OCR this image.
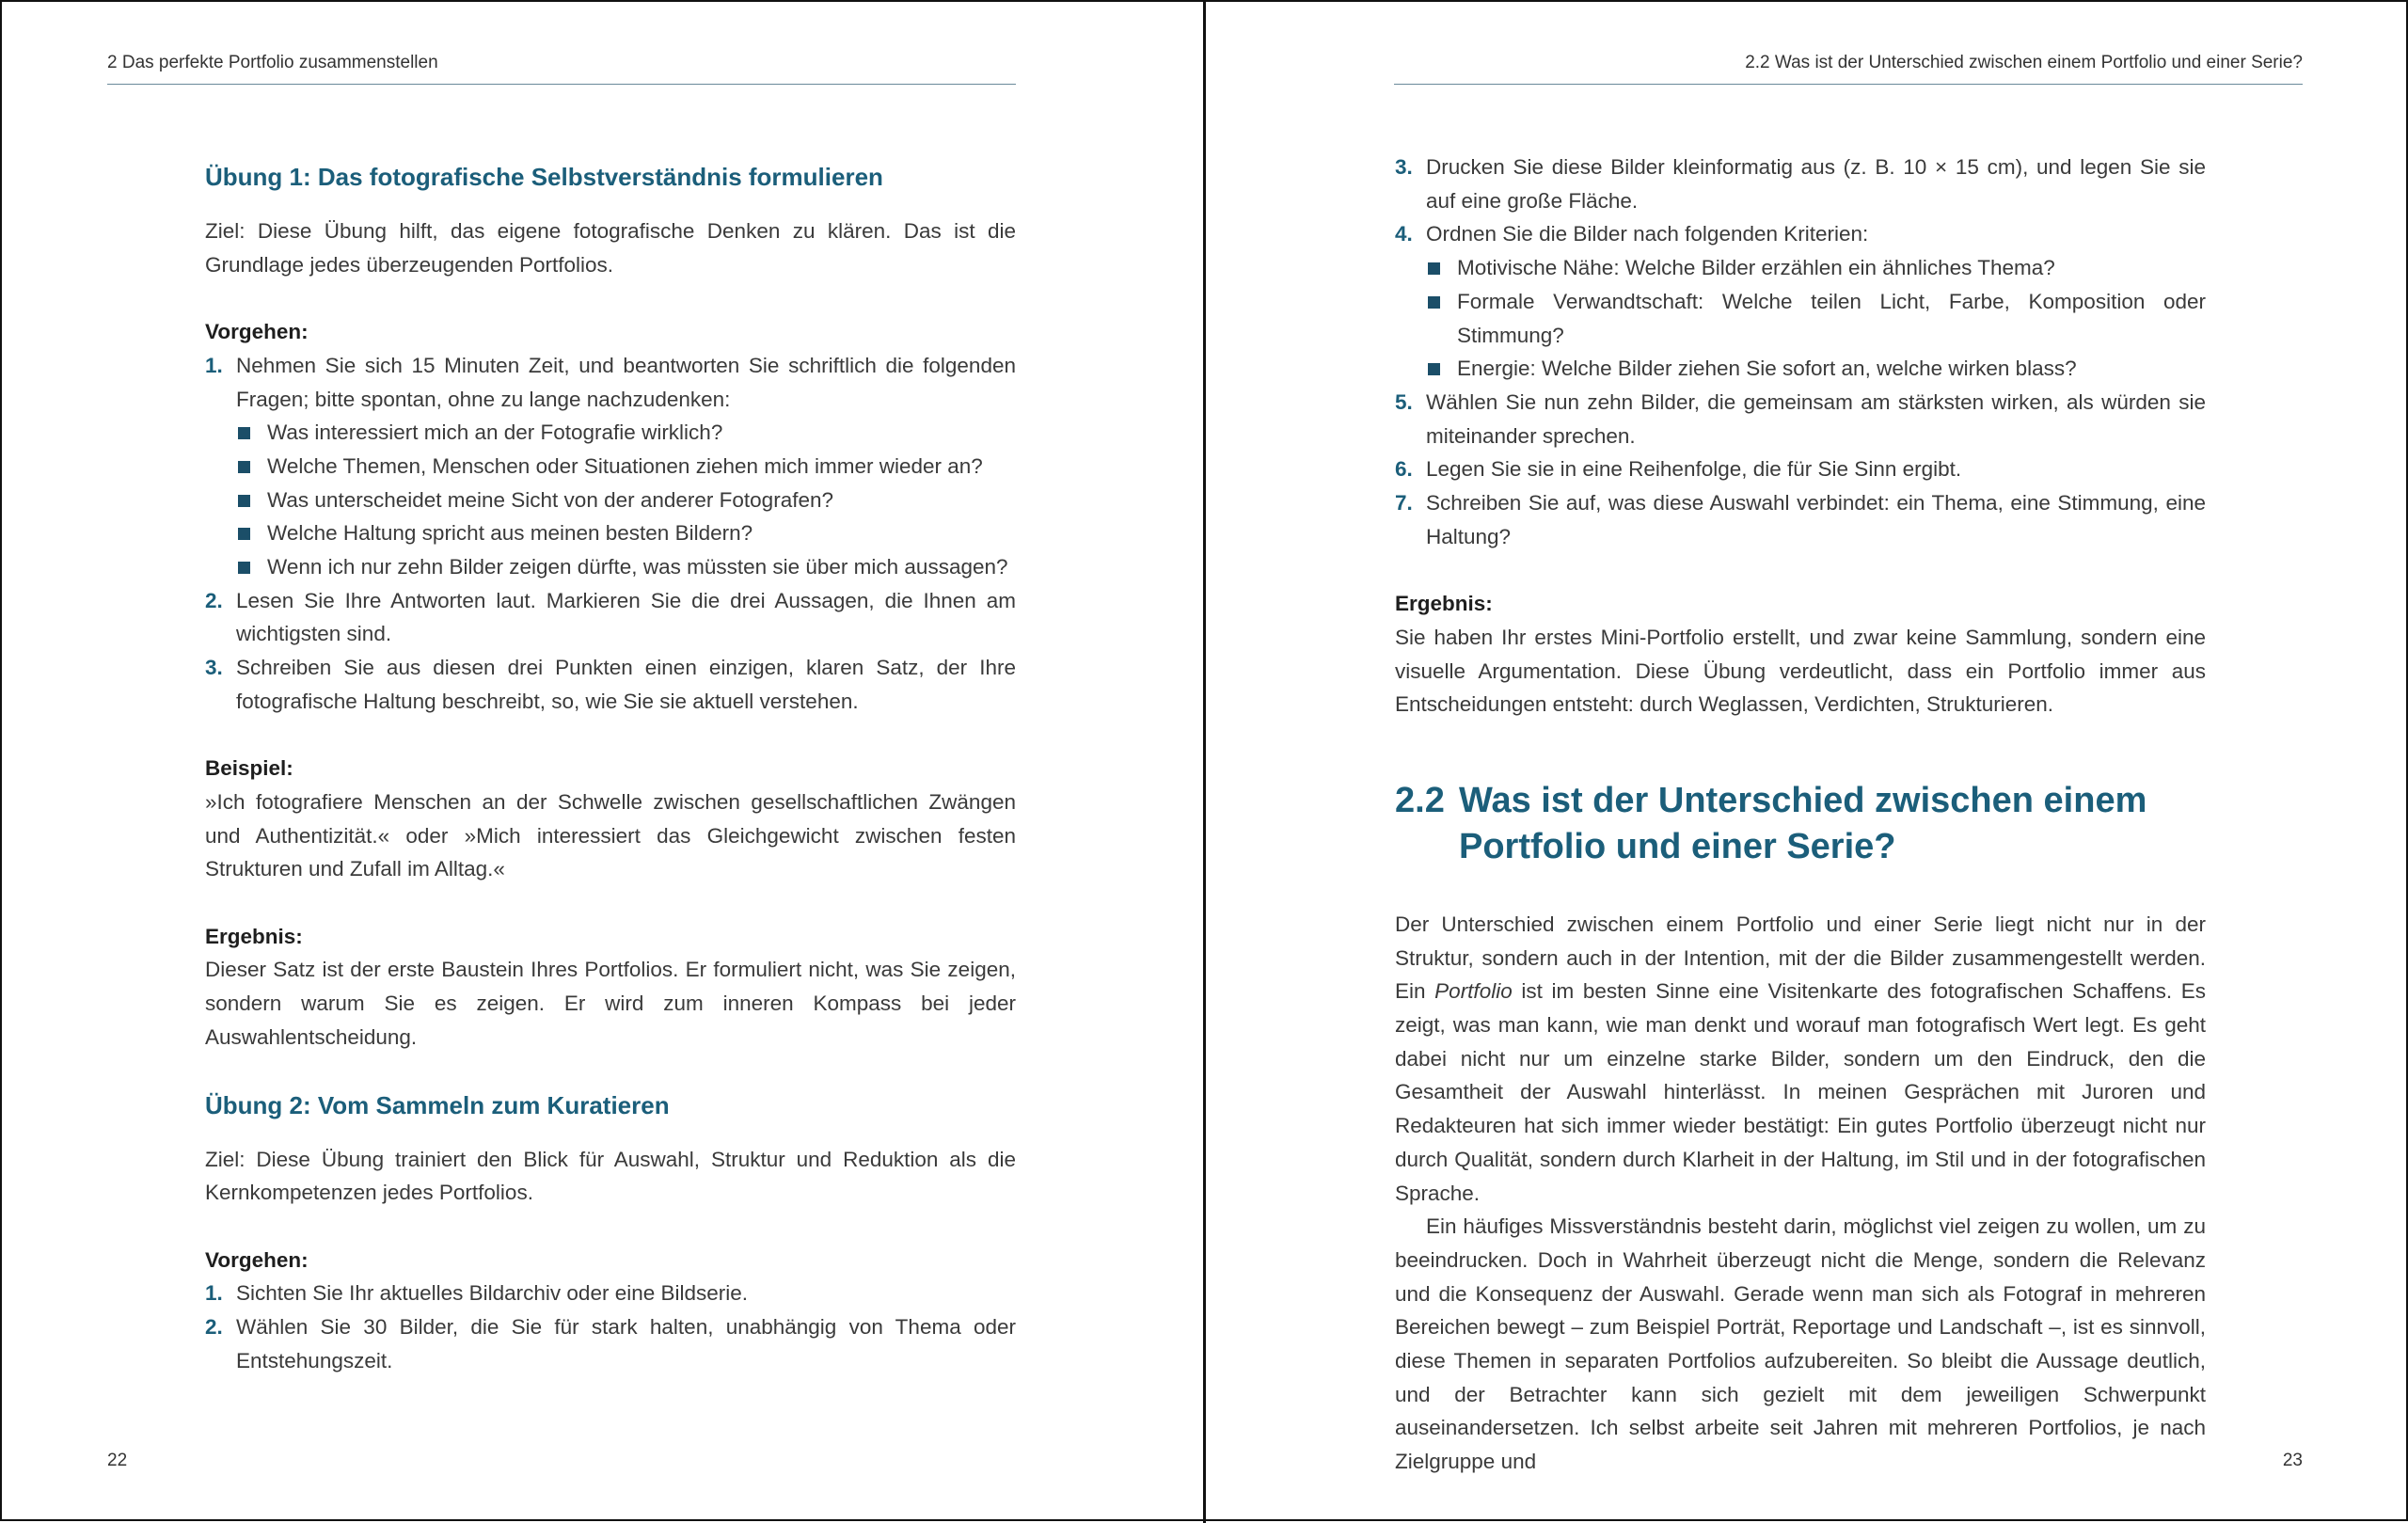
2 Das perfekte Portfolio zusammenstellen
Übung 1: Das fotografische Selbstverständnis formulieren

Ziel: Diese Übung hilft, das eigene fotografische Denken zu klären. Das ist die Grundlage jedes überzeugenden Portfolios.

Vorgehen:

1. Nehmen Sie sich 15 Minuten Zeit, und beantworten Sie schriftlich die folgenden Fragen; bitte spontan, ohne zu lange nachzudenken:
Was interessiert mich an der Fotografie wirklich?
Welche Themen, Menschen oder Situationen ziehen mich immer wieder an?
Was unterscheidet meine Sicht von der anderer Fotografen?
Welche Haltung spricht aus meinen besten Bildern?
Wenn ich nur zehn Bilder zeigen dürfte, was müssten sie über mich aussagen?
2. Lesen Sie Ihre Antworten laut. Markieren Sie die drei Aussagen, die Ihnen am wichtigsten sind.
3. Schreiben Sie aus diesen drei Punkten einen einzigen, klaren Satz, der Ihre fotografische Haltung beschreibt, so, wie Sie sie aktuell verstehen.

Beispiel:

»Ich fotografiere Menschen an der Schwelle zwischen gesellschaftlichen Zwängen und Authentizität.« oder »Mich interessiert das Gleichgewicht zwischen festen Strukturen und Zufall im Alltag.«

Ergebnis:

Dieser Satz ist der erste Baustein Ihres Portfolios. Er formuliert nicht, was Sie zeigen, sondern warum Sie es zeigen. Er wird zum inneren Kompass bei jeder Auswahlentscheidung.

Übung 2: Vom Sammeln zum Kuratieren

Ziel: Diese Übung trainiert den Blick für Auswahl, Struktur und Reduktion als die Kernkompetenzen jedes Portfolios.

Vorgehen:

1. Sichten Sie Ihr aktuelles Bildarchiv oder eine Bildserie.
2. Wählen Sie 30 Bilder, die Sie für stark halten, unabhängig von Thema oder Entstehungszeit.
22
2.2 Was ist der Unterschied zwischen einem Portfolio und einer Serie?
3. Drucken Sie diese Bilder kleinformatig aus (z. B. 10 × 15 cm), und legen Sie sie auf eine große Fläche.
4. Ordnen Sie die Bilder nach folgenden Kriterien:
Motivische Nähe: Welche Bilder erzählen ein ähnliches Thema?
Formale Verwandtschaft: Welche teilen Licht, Farbe, Komposition oder Stimmung?
Energie: Welche Bilder ziehen Sie sofort an, welche wirken blass?
5. Wählen Sie nun zehn Bilder, die gemeinsam am stärksten wirken, als würden sie miteinander sprechen.
6. Legen Sie sie in eine Reihenfolge, die für Sie Sinn ergibt.
7. Schreiben Sie auf, was diese Auswahl verbindet: ein Thema, eine Stimmung, eine Haltung?

Ergebnis:

Sie haben Ihr erstes Mini-Portfolio erstellt, und zwar keine Sammlung, sondern eine visuelle Argumentation. Diese Übung verdeutlicht, dass ein Portfolio immer aus Entscheidungen entsteht: durch Weglassen, Verdichten, Strukturieren.

2.2 Was ist der Unterschied zwischen einem Portfolio und einer Serie?

Der Unterschied zwischen einem Portfolio und einer Serie liegt nicht nur in der Struktur, sondern auch in der Intention, mit der die Bilder zusammengestellt werden. Ein Portfolio ist im besten Sinne eine Visitenkarte des fotografischen Schaffens. Es zeigt, was man kann, wie man denkt und worauf man fotografisch Wert legt. Es geht dabei nicht nur um einzelne starke Bilder, sondern um den Eindruck, den die Gesamtheit der Auswahl hinterlässt. In meinen Gesprächen mit Juroren und Redakteuren hat sich immer wieder bestätigt: Ein gutes Portfolio überzeugt nicht nur durch Qualität, sondern durch Klarheit in der Haltung, im Stil und in der fotografischen Sprache.

Ein häufiges Missverständnis besteht darin, möglichst viel zeigen zu wollen, um zu beeindrucken. Doch in Wahrheit überzeugt nicht die Menge, sondern die Relevanz und die Konsequenz der Auswahl. Gerade wenn man sich als Fotograf in mehreren Bereichen bewegt – zum Beispiel Porträt, Reportage und Landschaft –, ist es sinnvoll, diese Themen in separaten Portfolios aufzubereiten. So bleibt die Aussage deutlich, und der Betrachter kann sich gezielt mit dem jeweiligen Schwerpunkt auseinandersetzen. Ich selbst arbeite seit Jahren mit mehreren Portfolios, je nach Zielgruppe und	23
